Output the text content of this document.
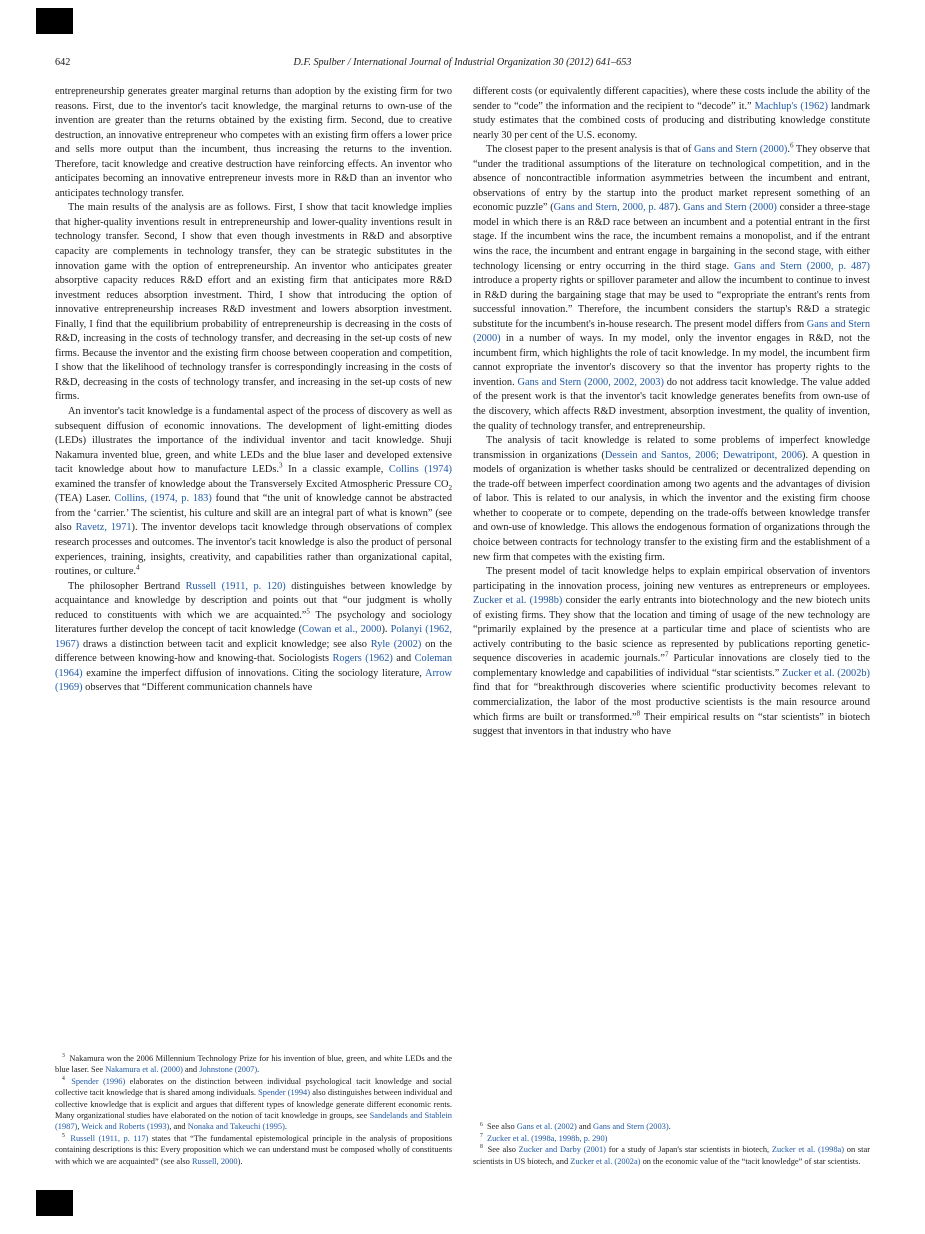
642	D.F. Spulber / International Journal of Industrial Organization 30 (2012) 641–653

entrepreneurship generates greater marginal returns than adoption by the existing firm for two reasons. First, due to the inventor's tacit knowledge, the marginal returns to own-use of the invention are greater than the returns obtained by the existing firm. Second, due to creative destruction, an innovative entrepreneur who competes with an existing firm offers a lower price and sells more output than the incumbent, thus increasing the returns to the invention. Therefore, tacit knowledge and creative destruction have reinforcing effects. An inventor who anticipates becoming an innovative entrepreneur invests more in R&D than an inventor who anticipates technology transfer.

The main results of the analysis are as follows. First, I show that tacit knowledge implies that higher-quality inventions result in entrepreneurship and lower-quality inventions result in technology transfer. Second, I show that even though investments in R&D and absorptive capacity are complements in technology transfer, they can be strategic substitutes in the innovation game with the option of entrepreneurship. An inventor who anticipates greater absorptive capacity reduces R&D effort and an existing firm that anticipates more R&D investment reduces absorption investment. Third, I show that introducing the option of innovative entrepreneurship increases R&D investment and lowers absorption investment. Finally, I find that the equilibrium probability of entrepreneurship is decreasing in the costs of R&D, increasing in the costs of technology transfer, and decreasing in the set-up costs of new firms. Because the inventor and the existing firm choose between cooperation and competition, I show that the likelihood of technology transfer is correspondingly increasing in the costs of R&D, decreasing in the costs of technology transfer, and increasing in the set-up costs of new firms.

An inventor's tacit knowledge is a fundamental aspect of the process of discovery as well as subsequent diffusion of economic innovations. The development of light-emitting diodes (LEDs) illustrates the importance of the individual inventor and tacit knowledge. Shuji Nakamura invented blue, green, and white LEDs and the blue laser and developed extensive tacit knowledge about how to manufacture LEDs.$^3$ In a classic example, Collins (1974) examined the transfer of knowledge about the Transversely Excited Atmospheric Pressure $CO_2$ (TEA) Laser. Collins, (1974, p. 183) found that “the unit of knowledge cannot be abstracted from the ‘carrier.’ The scientist, his culture and skill are an integral part of what is known” (see also Ravetz, 1971). The inventor develops tacit knowledge through observations of complex research processes and outcomes. The inventor's tacit knowledge is also the product of personal experiences, training, insights, creativity, and capabilities rather than organizational capital, routines, or culture.$^4$

The philosopher Bertrand Russell (1911, p. 120) distinguishes between knowledge by acquaintance and knowledge by description and points out that “our judgment is wholly reduced to constituents with which we are acquainted.”$^5$ The psychology and sociology literatures further develop the concept of tacit knowledge (Cowan et al., 2000). Polanyi (1962, 1967) draws a distinction between tacit and explicit knowledge; see also Ryle (2002) on the difference between knowing-how and knowing-that. Sociologists Rogers (1962) and Coleman (1964) examine the imperfect diffusion of innovations. Citing the sociology literature, Arrow (1969) observes that “Different communication channels have

$^3$ Nakamura won the 2006 Millennium Technology Prize for his invention of blue, green, and white LEDs and the blue laser. See Nakamura et al. (2000) and Johnstone (2007).

$^4$ Spender (1996) elaborates on the distinction between individual psychological tacit knowledge and social collective tacit knowledge that is shared among individuals. Spender (1994) also distinguishes between individual and collective knowledge that is explicit and argues that different types of knowledge generate different economic rents. Many organizational studies have elaborated on the notion of tacit knowledge in groups, see Sandelands and Stablein (1987), Weick and Roberts (1993), and Nonaka and Takeuchi (1995).

$^5$ Russell (1911, p. 117) states that “The fundamental epistemological principle in the analysis of propositions containing descriptions is this: Every proposition which we can understand must be composed wholly of constituents with which we are acquainted” (see also Russell, 2000).

different costs (or equivalently different capacities), where these costs include the ability of the sender to “code” the information and the recipient to “decode” it.” Machlup's (1962) landmark study estimates that the combined costs of producing and distributing knowledge constitute nearly 30 per cent of the U.S. economy.

The closest paper to the present analysis is that of Gans and Stern (2000).$^6$ They observe that “under the traditional assumptions of the literature on technological competition, and in the absence of noncontractible information asymmetries between the incumbent and entrant, observations of entry by the startup into the product market represent something of an economic puzzle” (Gans and Stern, 2000, p. 487). Gans and Stern (2000) consider a three-stage model in which there is an R&D race between an incumbent and a potential entrant in the first stage. If the incumbent wins the race, the incumbent remains a monopolist, and if the entrant wins the race, the incumbent and entrant engage in bargaining in the second stage, with either technology licensing or entry occurring in the third stage. Gans and Stern (2000, p. 487) introduce a property rights or spillover parameter and allow the incumbent to continue to invest in R&D during the bargaining stage that may be used to “expropriate the entrant's rents from successful innovation.” Therefore, the incumbent considers the startup's R&D a strategic substitute for the incumbent's in-house research. The present model differs from Gans and Stern (2000) in a number of ways. In my model, only the inventor engages in R&D, not the incumbent firm, which highlights the role of tacit knowledge. In my model, the incumbent firm cannot expropriate the inventor's discovery so that the inventor has property rights to the invention. Gans and Stern (2000, 2002, 2003) do not address tacit knowledge. The value added of the present work is that the inventor's tacit knowledge generates benefits from own-use of the discovery, which affects R&D investment, absorption investment, the quality of invention, the quality of technology transfer, and entrepreneurship.

The analysis of tacit knowledge is related to some problems of imperfect knowledge transmission in organizations (Dessein and Santos, 2006; Dewatripont, 2006). A question in models of organization is whether tasks should be centralized or decentralized depending on the trade-off between imperfect coordination among two agents and the advantages of division of labor. This is related to our analysis, in which the inventor and the existing firm choose whether to cooperate or to compete, depending on the trade-offs between knowledge transfer and own-use of knowledge. This allows the endogenous formation of organizations through the choice between contracts for technology transfer to the existing firm and the establishment of a new firm that competes with the existing firm.

The present model of tacit knowledge helps to explain empirical observation of inventors participating in the innovation process, joining new ventures as entrepreneurs or employees. Zucker et al. (1998b) consider the early entrants into biotechnology and the new biotech units of existing firms. They show that the location and timing of usage of the new technology are “primarily explained by the presence at a particular time and place of scientists who are actively contributing to the basic science as represented by publications reporting genetic-sequence discoveries in academic journals.”$^7$ Particular innovations are closely tied to the complementary knowledge and capabilities of individual “star scientists.” Zucker et al. (2002b) find that for “breakthrough discoveries where scientific productivity becomes relevant to commercialization, the labor of the most productive scientists is the main resource around which firms are built or transformed.”$^8$ Their empirical results on “star scientists” in biotech suggest that inventors in that industry who have

$^6$ See also Gans et al. (2002) and Gans and Stern (2003).

$^7$ Zucker et al. (1998a, 1998b, p. 290)

$^8$ See also Zucker and Darby (2001) for a study of Japan's star scientists in biotech, Zucker et al. (1998a) on star scientists in US biotech, and Zucker et al. (2002a) on the economic value of the “tacit knowledge” of star scientists.
